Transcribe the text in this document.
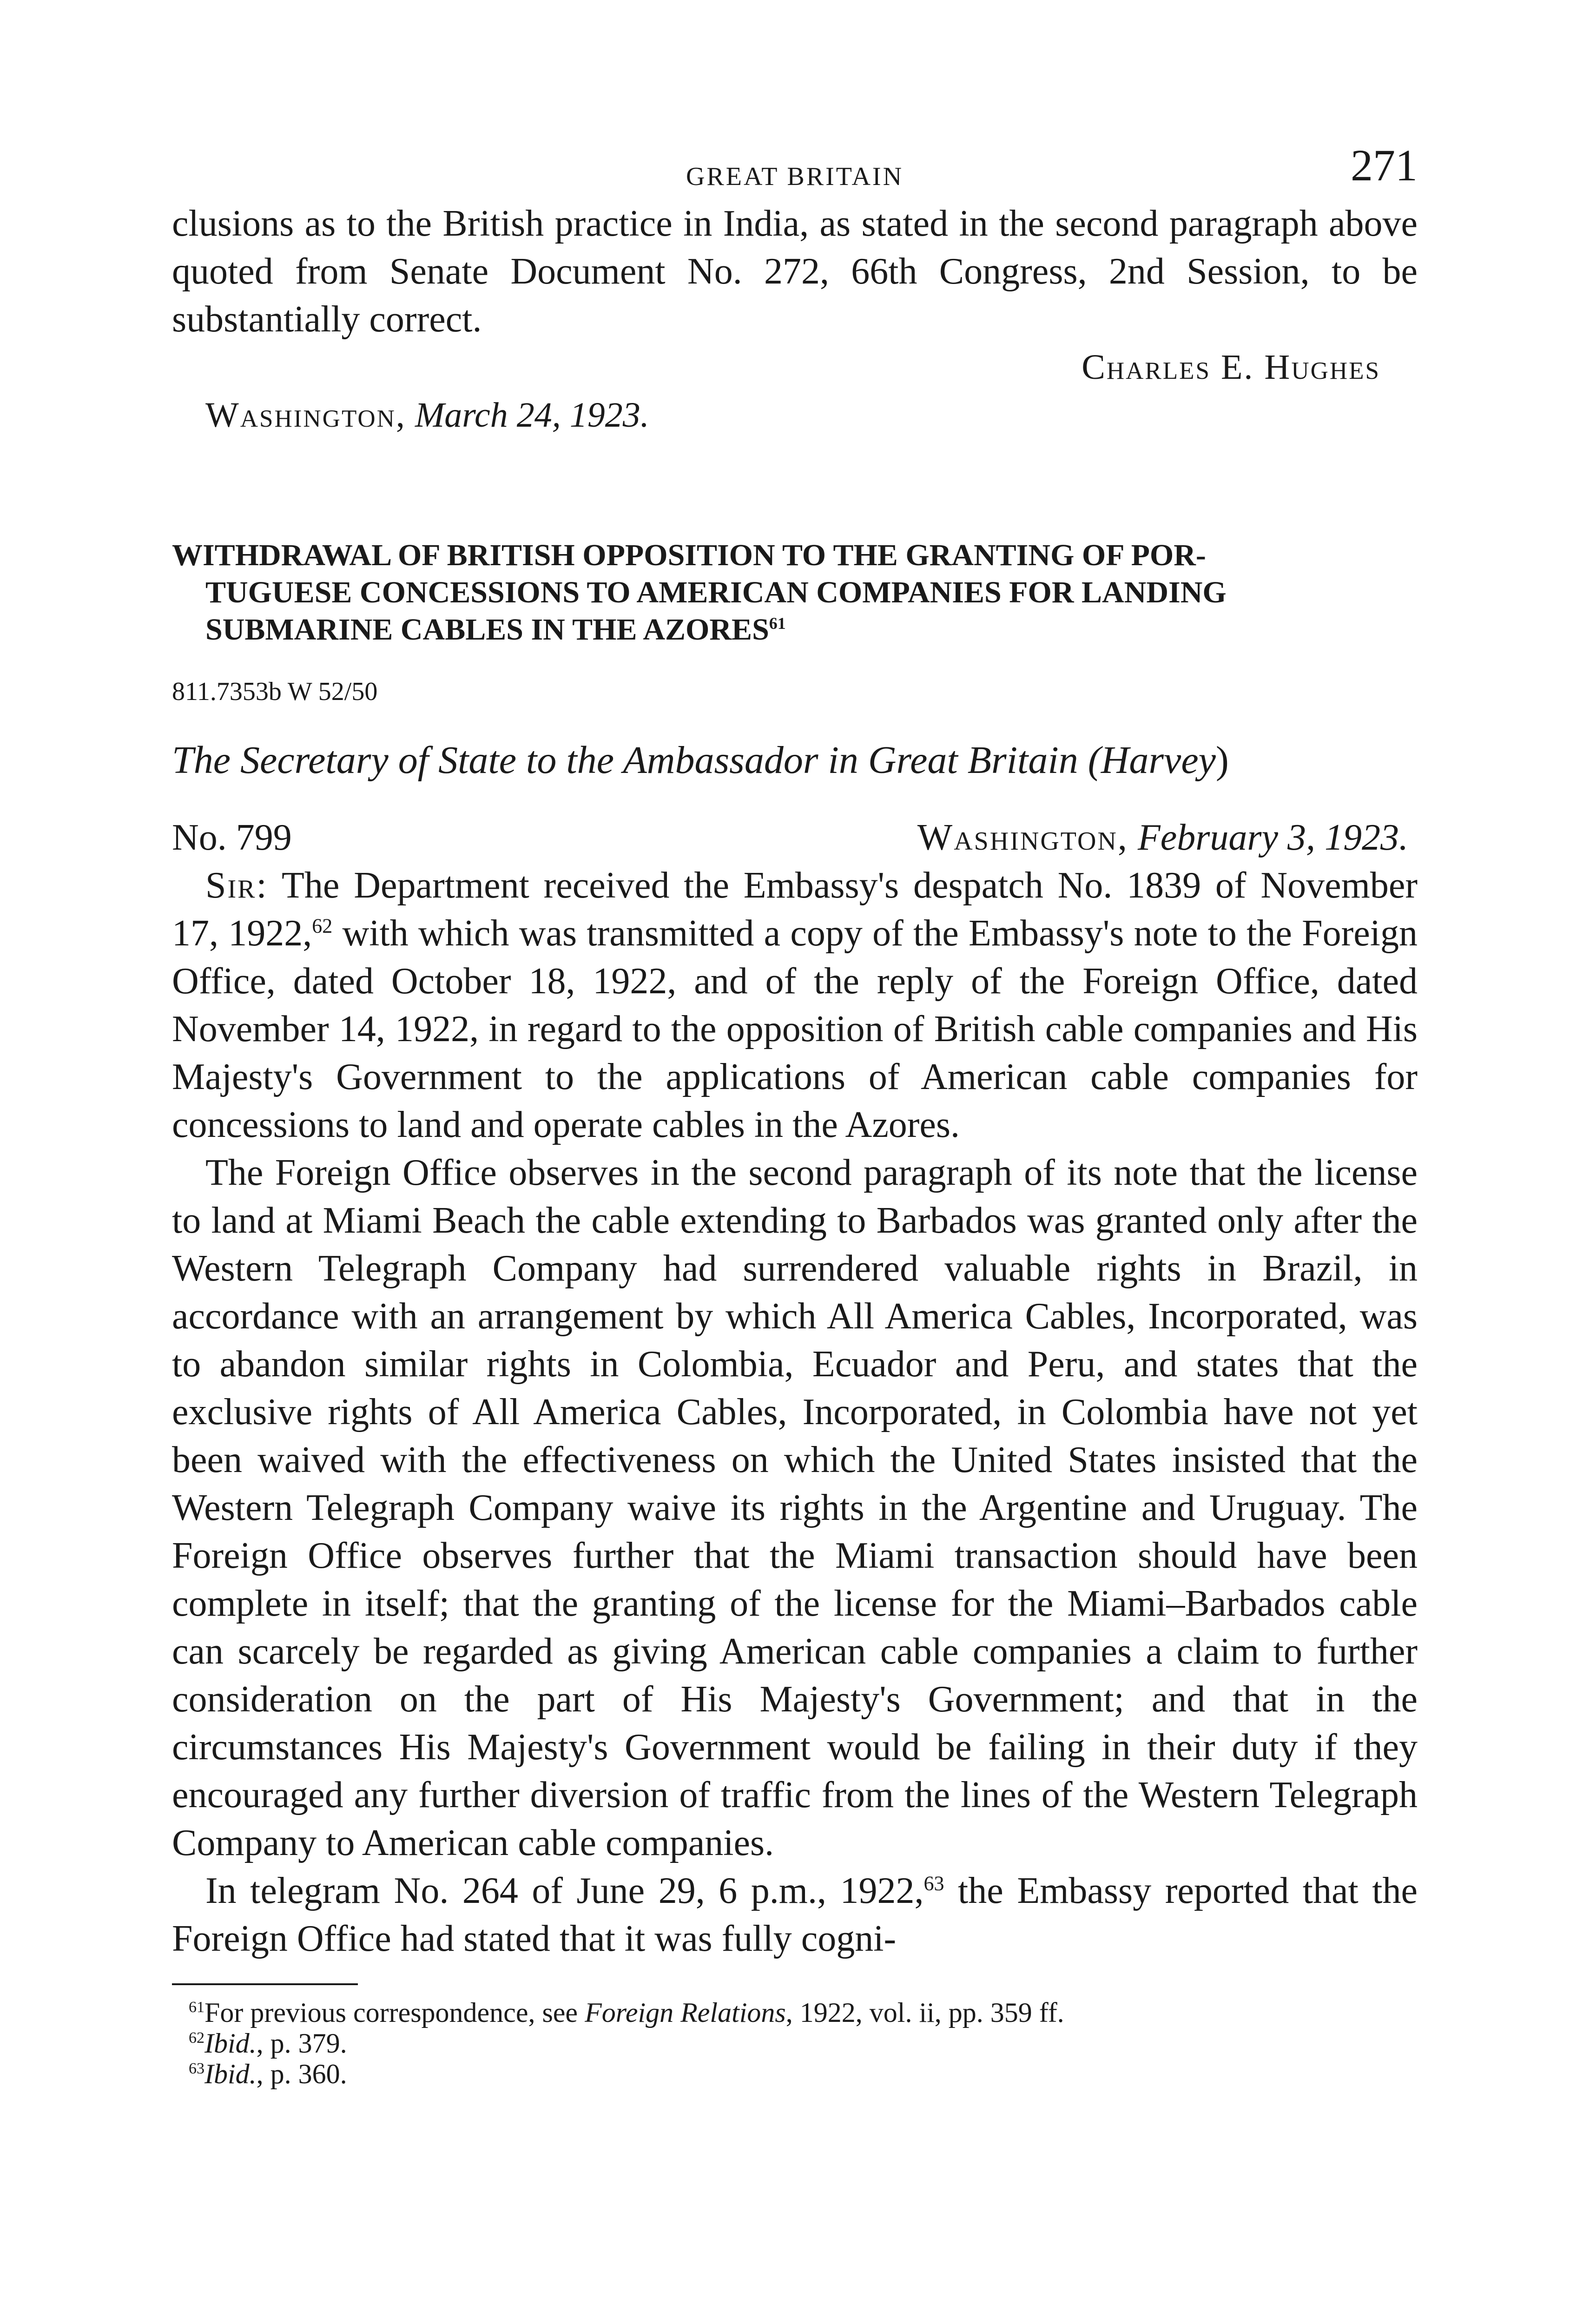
GREAT BRITAIN	271

clusions as to the British practice in India, as stated in the second paragraph above quoted from Senate Document No. 272, 66th Congress, 2nd Session, to be substantially correct.

Charles E. Hughes
Washington, March 24, 1923.
WITHDRAWAL OF BRITISH OPPOSITION TO THE GRANTING OF POR-
TUGUESE CONCESSIONS TO AMERICAN COMPANIES FOR LANDING
SUBMARINE CABLES IN THE AZORES$^{61}$
811.7353b W 52/50
The Secretary of State to the Ambassador in Great Britain (Harvey)
No. 799	Washington, February 3, 1923.

Sir: The Department received the Embassy's despatch No. 1839 of November 17, 1922,62 with which was transmitted a copy of the Embassy's note to the Foreign Office, dated October 18, 1922, and of the reply of the Foreign Office, dated November 14, 1922, in regard to the opposition of British cable companies and His Majesty's Government to the applications of American cable companies for concessions to land and operate cables in the Azores.

The Foreign Office observes in the second paragraph of its note that the license to land at Miami Beach the cable extending to Barbados was granted only after the Western Telegraph Company had surrendered valuable rights in Brazil, in accordance with an arrangement by which All America Cables, Incorporated, was to abandon similar rights in Colombia, Ecuador and Peru, and states that the exclusive rights of All America Cables, Incorporated, in Colombia have not yet been waived with the effectiveness on which the United States insisted that the Western Telegraph Company waive its rights in the Argentine and Uruguay. The Foreign Office observes further that the Miami transaction should have been complete in itself; that the granting of the license for the Miami–Barbados cable can scarcely be regarded as giving American cable companies a claim to further consideration on the part of His Majesty's Government; and that in the circumstances His Majesty's Government would be failing in their duty if they encouraged any further diversion of traffic from the lines of the Western Telegraph Company to American cable companies.

In telegram No. 264 of June 29, 6 p.m., 1922,63 the Embassy reported that the Foreign Office had stated that it was fully cogni-

$^{61}$For previous correspondence, see Foreign Relations, 1922, vol. ii, pp. 359 ff.
$^{62}$Ibid., p. 379.
$^{63}$Ibid., p. 360.
